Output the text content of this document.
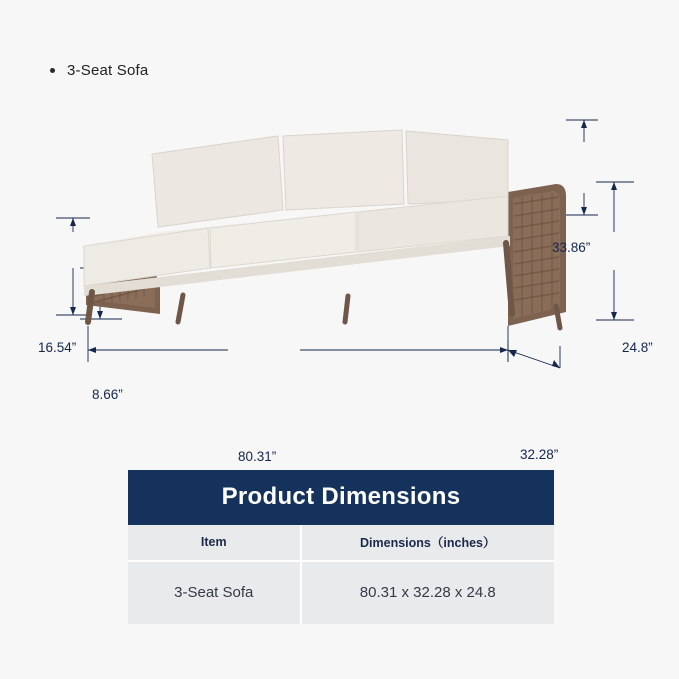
3-Seat Sofa
33.86”
24.8”
16.54”
8.66”
80.31”	32.28”
Product Dimensions
Item	Dimensions（inches）
3-Seat Sofa	80.31 x 32.28 x 24.8
